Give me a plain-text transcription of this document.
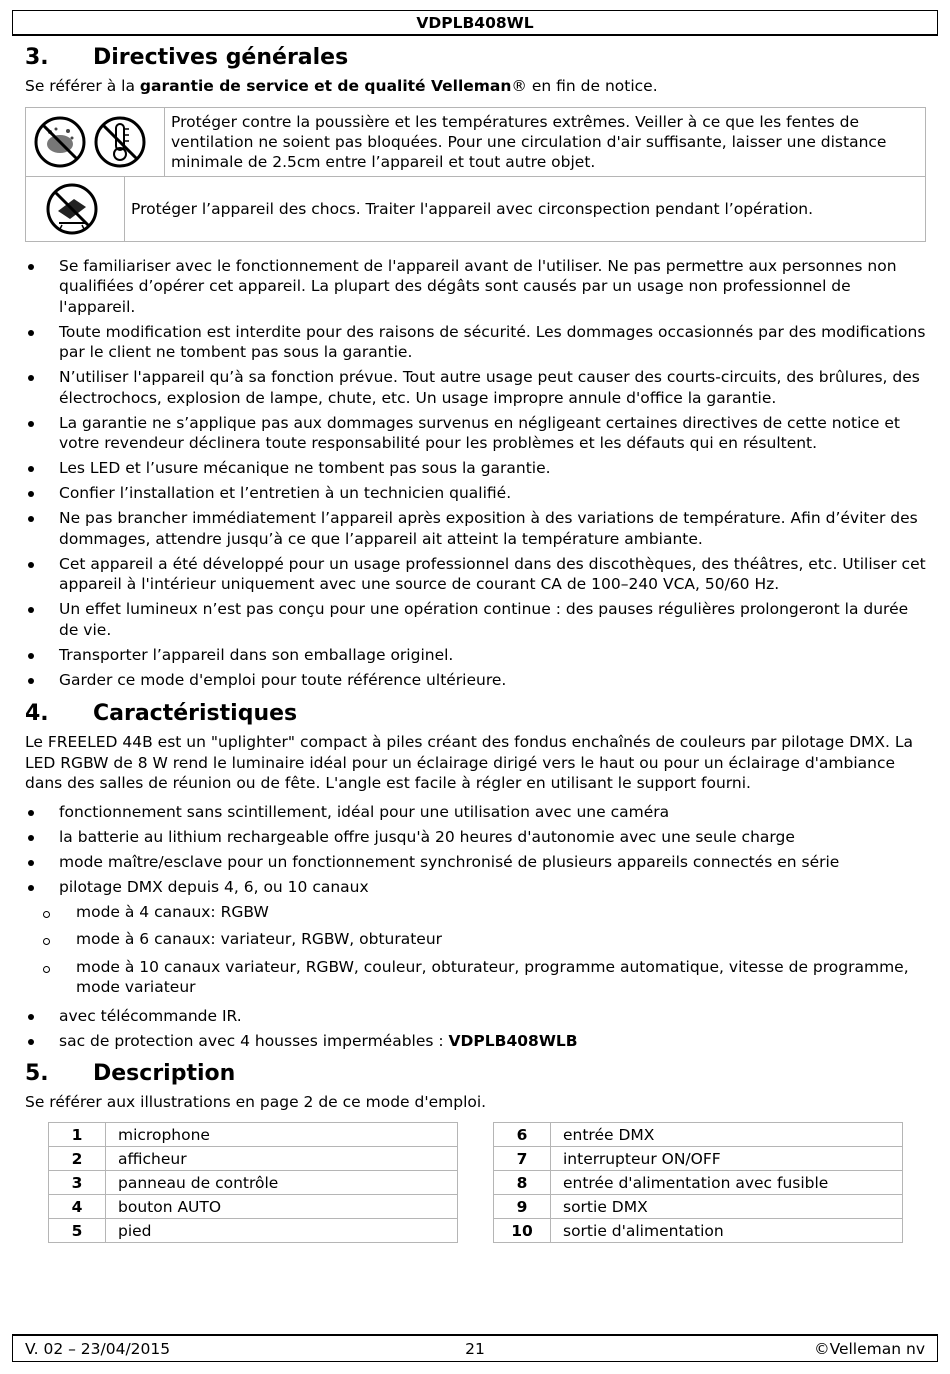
VDPLB408WL
3.	Directives générales

Se référer à la garantie de service et de qualité Velleman® en fin de notice.

	Protéger contre la poussière et les températures extrêmes. Veiller à ce que les fentes de ventilation ne soient pas bloquées. Pour une circulation d'air suffisante, laisser une distance minimale de 2.5cm entre l’appareil et tout autre objet.
	Protéger l’appareil des chocs. Traiter l'appareil avec circonspection pendant l’opération.
Se familiariser avec le fonctionnement de l'appareil avant de l'utiliser. Ne pas permettre aux personnes non qualifiées d’opérer cet appareil. La plupart des dégâts sont causés par un usage non professionnel de l'appareil.
Toute modification est interdite pour des raisons de sécurité. Les dommages occasionnés par des modifications par le client ne tombent pas sous la garantie.
N’utiliser l'appareil qu’à sa fonction prévue. Tout autre usage peut causer des courts-circuits, des brûlures, des électrochocs, explosion de lampe, chute, etc. Un usage impropre annule d'office la garantie.
La garantie ne s’applique pas aux dommages survenus en négligeant certaines directives de cette notice et votre revendeur déclinera toute responsabilité pour les problèmes et les défauts qui en résultent.
Les LED et l’usure mécanique ne tombent pas sous la garantie.
Confier l’installation et l’entretien à un technicien qualifié.
Ne pas brancher immédiatement l’appareil après exposition à des variations de température. Afin d’éviter des dommages, attendre jusqu’à ce que l’appareil ait atteint la température ambiante.
Cet appareil a été développé pour un usage professionnel dans des discothèques, des théâtres, etc. Utiliser cet appareil à l'intérieur uniquement avec une source de courant CA de 100–240 VCA, 50/60 Hz.
Un effet lumineux n’est pas conçu pour une opération continue : des pauses régulières prolongeront la durée de vie.
Transporter l’appareil dans son emballage originel.
Garder ce mode d'emploi pour toute référence ultérieure.
4.	Caractéristiques

Le FREELED 44B est un "uplighter" compact à piles créant des fondus enchaînés de couleurs par pilotage DMX. La LED RGBW de 8 W rend le luminaire idéal pour un éclairage dirigé vers le haut ou pour un éclairage d'ambiance dans des salles de réunion ou de fête. L'angle est facile à régler en utilisant le support fourni.

fonctionnement sans scintillement, idéal pour une utilisation avec une caméra
la batterie au lithium rechargeable offre jusqu'à 20 heures d'autonomie avec une seule charge
mode maître/esclave pour un fonctionnement synchronisé de plusieurs appareils connectés en série
pilotage DMX depuis 4, 6, ou 10 canaux
mode à 4 canaux: RGBW
mode à 6 canaux: variateur, RGBW, obturateur
mode à 10 canaux variateur, RGBW, couleur, obturateur, programme automatique, vitesse de programme, mode variateur
avec télécommande IR.
sac de protection avec 4 housses imperméables : VDPLB408WLB
5.	Description

Se référer aux illustrations en page 2 de ce mode d'emploi.

1	microphone
2	afficheur
3	panneau de contrôle
4	bouton AUTO
5	pied
6	entrée DMX
7	interrupteur ON/OFF
8	entrée d'alimentation avec fusible
9	sortie DMX
10	sortie d'alimentation
21
V. 02 – 23/04/2015	©Velleman nv
